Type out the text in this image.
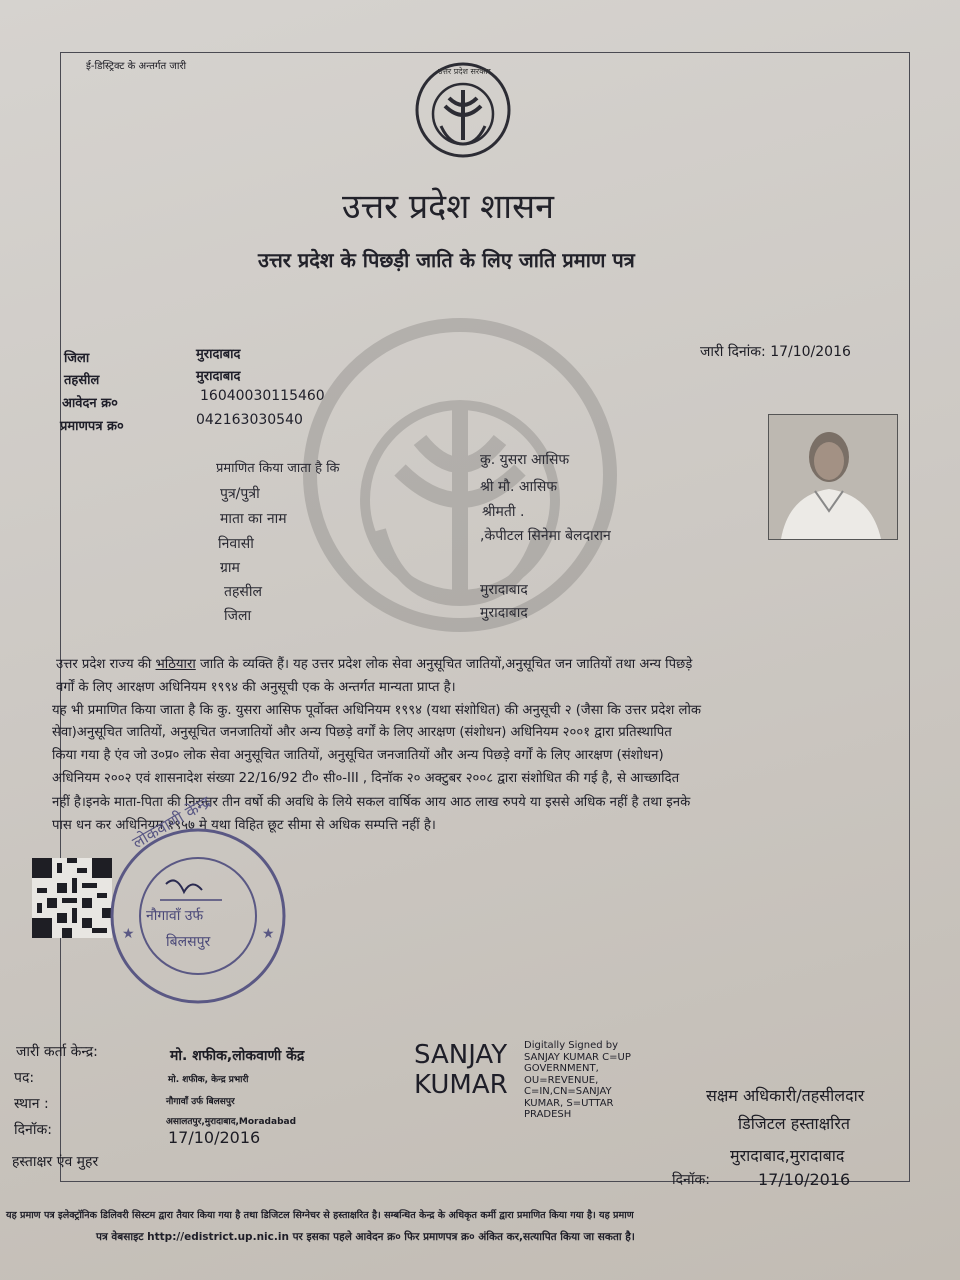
ई-डिस्ट्रिक्ट के अन्तर्गत जारी	उत्तर प्रदेश सरकार
उत्तर प्रदेश शासन
उत्तर प्रदेश के पिछड़ी जाति के लिए जाति प्रमाण पत्र
जिला	मुरादाबाद
तहसील	मुरादाबाद
आवेदन क्र०	16040030115460
प्रमाणपत्र क्र०	042163030540
जारी दिनांक: 17/10/2016
प्रमाणित किया जाता है कि
कु. युसरा आसिफ
पुत्र/पुत्री	श्री मौ. आसिफ
माता का नाम	श्रीमती .
निवासी	,केपीटल सिनेमा बेलदारान
ग्राम
तहसील	मुरादाबाद
जिला	मुरादाबाद
उत्तर प्रदेश राज्य की भठियारा जाति के व्यक्ति हैं। यह उत्तर प्रदेश लोक सेवा अनुसूचित जातियों,अनुसूचित जन जातियों तथा अन्य पिछड़े
वर्गों के लिए आरक्षण अधिनियम १९९४ की अनुसूची एक के अन्तर्गत मान्यता प्राप्त है।
यह भी प्रमाणित किया जाता है कि कु. युसरा आसिफ पूर्वोक्त अधिनियम १९९४ (यथा संशोधित) की अनुसूची २ (जैसा कि उत्तर प्रदेश लोक
सेवा)अनुसूचित जातियों, अनुसूचित जनजातियों और अन्य पिछड़े वर्गों के लिए आरक्षण (संशोधन) अधिनियम २००१ द्वारा प्रतिस्थापित
किया गया है एंव जो उ०प्र० लोक सेवा अनुसूचित जातियों, अनुसूचित जनजातियों और अन्य पिछड़े वर्गों के लिए आरक्षण (संशोधन)
अधिनियम २००२ एवं शासनादेश संख्या 22/16/92 टी० सी०-III , दिनॉक २० अक्टुबर २००८ द्वारा संशोधित की गई है, से आच्छादित
नहीं है।इनके माता-पिता की निरन्तर तीन वर्षो की अवधि के लिये सकल वार्षिक आय आठ लाख रुपये या इससे अधिक नहीं है तथा इनके
पास धन कर अधिनियम १९५७ मे यथा विहित छूट सीमा से अधिक सम्पत्ति नहीं है।
★	★
लोकवाणी केन्द्र
नौगावाँ उर्फ
बिलसपुर
जारी कर्ता केन्द्र:	मो. शफीक,लोकवाणी केंद्र
पद:	मो. शफीक, केन्द्र प्रभारी
स्थान :	नौगावाँ उर्फ बिलसपुर
असालतपुर,मुरादाबाद,Moradabad
दिनॉक:	17/10/2016
हस्ताक्षर एंव मुहर
SANJAY
KUMAR
Digitally Signed by
SANJAY KUMAR C=UP
GOVERNMENT,
OU=REVENUE,
C=IN,CN=SANJAY
KUMAR, S=UTTAR
PRADESH
सक्षम अधिकारी/तहसीलदार
डिजिटल हस्ताक्षरित
मुरादाबाद,मुरादाबाद
दिनॉक:	17/10/2016
यह प्रमाण पत्र इलेक्ट्रॉनिक डिलिवरी सिस्टम द्वारा तैयार किया गया है तथा डिजिटल सिग्नेचर से हस्ताक्षरित है। सम्बन्धित केन्द्र के अधिकृत कर्मी द्वारा प्रमाणित किया गया है। यह प्रमाण
पत्र वेबसाइट http://edistrict.up.nic.in पर इसका पहले आवेदन क्र० फिर प्रमाणपत्र क्र० अंकित कर,सत्यापित किया जा सकता है।
